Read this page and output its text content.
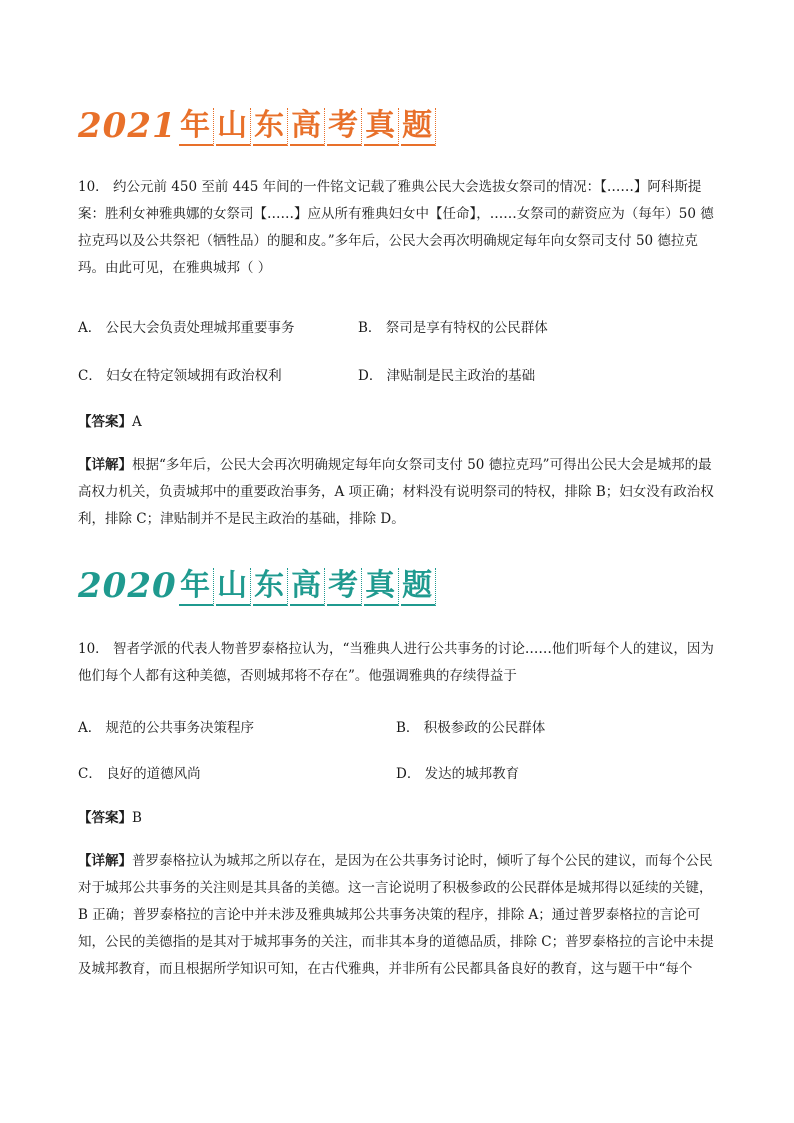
2021 年 山 东 高 考 真 题
10． 约公元前 450 至前 445 年间的一件铭文记载了雅典公民大会选拔女祭司的情况：【……】阿科斯提案：胜利女神雅典娜的女祭司【……】应从所有雅典妇女中【任命】，……女祭司的薪资应为（每年）50 德拉克玛以及公共祭祀（牺牲品）的腿和皮。”多年后，公民大会再次明确规定每年向女祭司支付 50 德拉克玛。由此可见，在雅典城邦（ ）
A． 公民大会负责处理城邦重要事务	B． 祭司是享有特权的公民群体
C． 妇女在特定领域拥有政治权利	D． 津贴制是民主政治的基础
【答案】A
【详解】根据“多年后，公民大会再次明确规定每年向女祭司支付 50 德拉克玛”可得出公民大会是城邦的最高权力机关，负责城邦中的重要政治事务，A 项正确；材料没有说明祭司的特权，排除 B；妇女没有政治权利，排除 C；津贴制并不是民主政治的基础，排除 D。
2020 年 山 东 高 考 真 题
10． 智者学派的代表人物普罗泰格拉认为，“当雅典人进行公共事务的讨论……他们听每个人的建议，因为他们每个人都有这种美德，否则城邦将不存在”。他强调雅典的存续得益于
A． 规范的公共事务决策程序	B． 积极参政的公民群体
C． 良好的道德风尚	D． 发达的城邦教育
【答案】B
【详解】普罗泰格拉认为城邦之所以存在，是因为在公共事务讨论时，倾听了每个公民的建议，而每个公民对于城邦公共事务的关注则是其具备的美德。这一言论说明了积极参政的公民群体是城邦得以延续的关键，B 正确；普罗泰格拉的言论中并未涉及雅典城邦公共事务决策的程序，排除 A；通过普罗泰格拉的言论可知，公民的美德指的是其对于城邦事务的关注，而非其本身的道德品质，排除 C；普罗泰格拉的言论中未提及城邦教育，而且根据所学知识可知，在古代雅典，并非所有公民都具备良好的教育，这与题干中“每个
